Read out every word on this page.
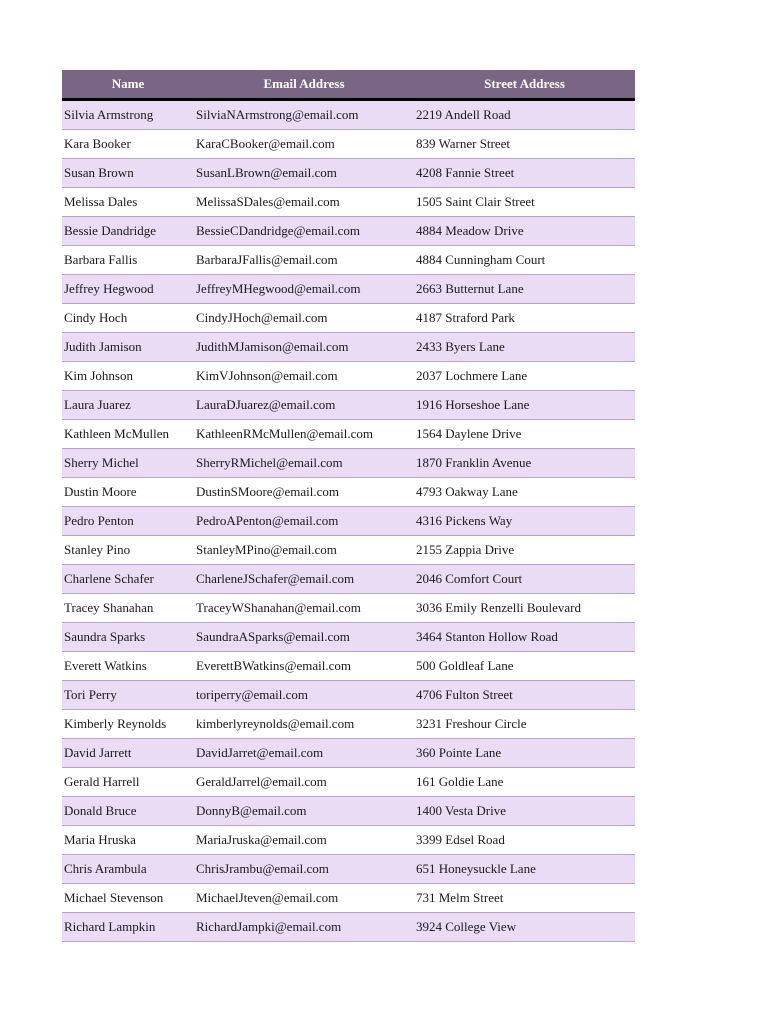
Name	Email Address	Street Address

Silvia Armstrong	SilviaNArmstrong@email.com	2219 Andell Road
Kara Booker	KaraCBooker@email.com	839 Warner Street
Susan Brown	SusanLBrown@email.com	4208 Fannie Street
Melissa Dales	MelissaSDales@email.com	1505 Saint Clair Street
Bessie Dandridge	BessieCDandridge@email.com	4884 Meadow Drive
Barbara Fallis	BarbaraJFallis@email.com	4884 Cunningham Court
Jeffrey Hegwood	JeffreyMHegwood@email.com	2663 Butternut Lane
Cindy Hoch	CindyJHoch@email.com	4187 Straford Park
Judith Jamison	JudithMJamison@email.com	2433 Byers Lane
Kim Johnson	KimVJohnson@email.com	2037 Lochmere Lane
Laura Juarez	LauraDJuarez@email.com	1916 Horseshoe Lane
Kathleen McMullen	KathleenRMcMullen@email.com	1564 Daylene Drive
Sherry Michel	SherryRMichel@email.com	1870 Franklin Avenue
Dustin Moore	DustinSMoore@email.com	4793 Oakway Lane
Pedro Penton	PedroAPenton@email.com	4316 Pickens Way
Stanley Pino	StanleyMPino@email.com	2155 Zappia Drive
Charlene Schafer	CharleneJSchafer@email.com	2046 Comfort Court
Tracey Shanahan	TraceyWShanahan@email.com	3036 Emily Renzelli Boulevard
Saundra Sparks	SaundraASparks@email.com	3464 Stanton Hollow Road
Everett Watkins	EverettBWatkins@email.com	500 Goldleaf Lane
Tori Perry	toriperry@email.com	4706 Fulton Street
Kimberly Reynolds	kimberlyreynolds@email.com	3231 Freshour Circle
David Jarrett	DavidJarret@email.com	360 Pointe Lane
Gerald Harrell	GeraldJarrel@email.com	161 Goldie Lane
Donald Bruce	DonnyB@email.com	1400 Vesta Drive
Maria Hruska	MariaJruska@email.com	3399 Edsel Road
Chris Arambula	ChrisJrambu@email.com	651 Honeysuckle Lane
Michael Stevenson	MichaelJteven@email.com	731 Melm Street
Richard Lampkin	RichardJampki@email.com	3924 College View
